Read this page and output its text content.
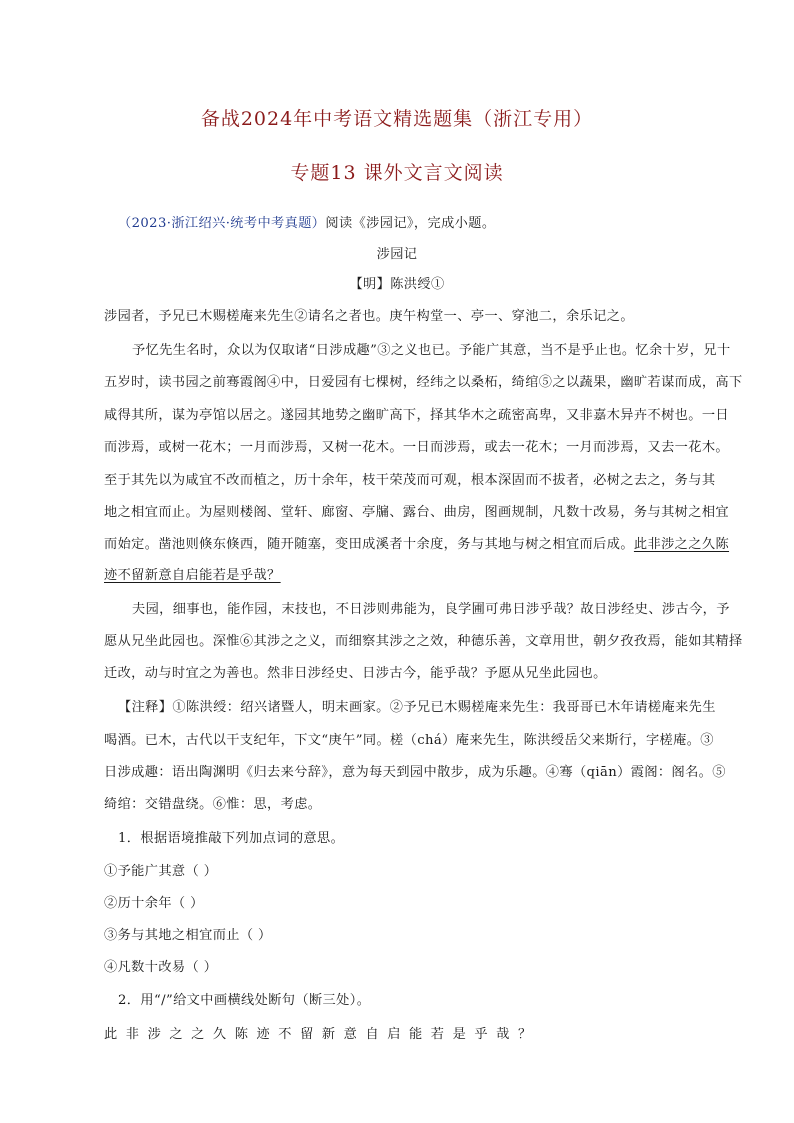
备战2024年中考语文精选题集（浙江专用）
专题13 课外文言文阅读
（2023·浙江绍兴·统考中考真题）阅读《涉园记》，完成小题。
涉园记
【明】陈洪绶①
涉园者，予兄已木赐槎庵来先生②请名之者也。庚午构堂一、亭一、穿池二，余乐记之。
予忆先生名时，众以为仅取诸“日涉成趣”③之义也已。予能广其意，当不是乎止也。忆余十岁，兄十
五岁时，读书园之前骞霞阁④中，日爱园有七棵树，经纬之以桑柘，绮绾⑤之以蔬果，幽旷若谋而成，高下
咸得其所，谋为亭馆以居之。遂园其地势之幽旷高下，择其华木之疏密高卑，又非嘉木异卉不树也。一日
而涉焉，或树一花木；一月而涉焉，又树一花木。一日而涉焉，或去一花木；一月而涉焉，又去一花木。
至于其先以为咸宜不改而植之，历十余年，枝干荣茂而可观，根本深固而不拔者，必树之去之，务与其
地之相宜而止。为屋则楼阁、堂轩、廊窗、亭牖、露台、曲房，图画规制，凡数十改易，务与其树之相宜
而始定。凿池则倏东倏西，随开随塞，变田成溪者十余度，务与其地与树之相宜而后成。此非涉之之久陈
迹不留新意自启能若是乎哉？
夫园，细事也，能作园，末技也，不日涉则弗能为，良学圃可弗日涉乎哉？故日涉经史、涉古今，予
愿从兄坐此园也。深惟⑥其涉之之义，而细察其涉之之效，种德乐善，文章用世，朝夕孜孜焉，能如其精择
迁改，动与时宜之为善也。然非日涉经史、日涉古今，能乎哉？予愿从兄坐此园也。
【注释】①陈洪绶：绍兴诸暨人，明末画家。②予兄已木赐槎庵来先生：我哥哥已木年请槎庵来先生
喝酒。已木，古代以干支纪年，下文“庚午”同。槎（chá）庵来先生，陈洪绶岳父来斯行，字槎庵。③
日涉成趣：语出陶渊明《归去来兮辞》，意为每天到园中散步，成为乐趣。④骞（qiān）霞阁：阁名。⑤
绮绾：交错盘绕。⑥惟：思，考虑。
1．根据语境推敲下列加点词的意思。
①予能广其意（ ）
②历十余年（ ）
③务与其地之相宜而止（ ）
④凡数十改易（ ）
2．用“/”给文中画横线处断句（断三处）。
此非涉之之久陈迹不留新意自启能若是乎哉？
